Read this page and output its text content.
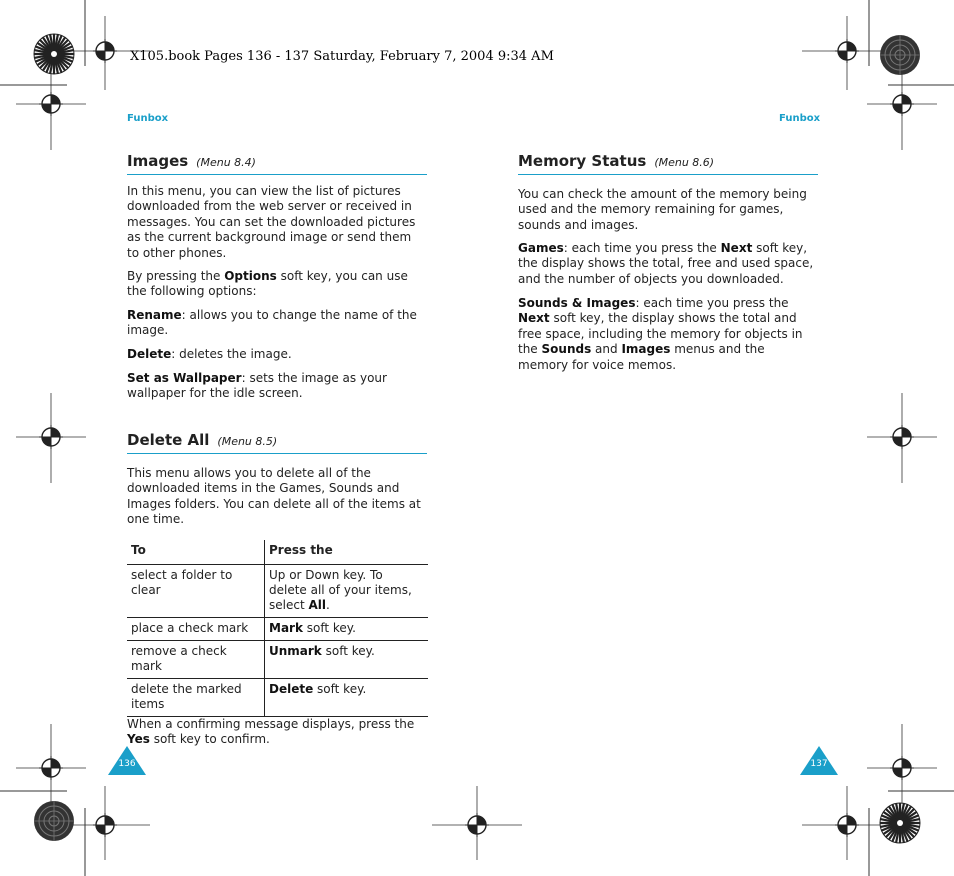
X105.book Pages 136 - 137 Saturday, February 7, 2004 9:34 AM
Funbox	Funbox
Images (Menu 8.4)

In this menu, you can view the list of pictures downloaded from the web server or received in messages. You can set the downloaded pictures as the current background image or send them to other phones.

By pressing the Options soft key, you can use the following options:

Rename: allows you to change the name of the image.

Delete: deletes the image.

Set as Wallpaper: sets the image as your wallpaper for the idle screen.

Delete All (Menu 8.5)

This menu allows you to delete all of the downloaded items in the Games, Sounds and Images folders. You can delete all of the items at one time.

To	Press the
select a folder to clear	Up or Down key. To delete all of your items, select All.
place a check mark	Mark soft key.
remove a check mark	Unmark soft key.
delete the marked items	Delete soft key.

When a confirming message displays, press the Yes soft key to confirm.

136
Memory Status (Menu 8.6)

You can check the amount of the memory being used and the memory remaining for games, sounds and images.

Games: each time you press the Next soft key, the display shows the total, free and used space, and the number of objects you downloaded.

Sounds & Images: each time you press the Next soft key, the display shows the total and free space, including the memory for objects in the Sounds and Images menus and the memory for voice memos.

137
